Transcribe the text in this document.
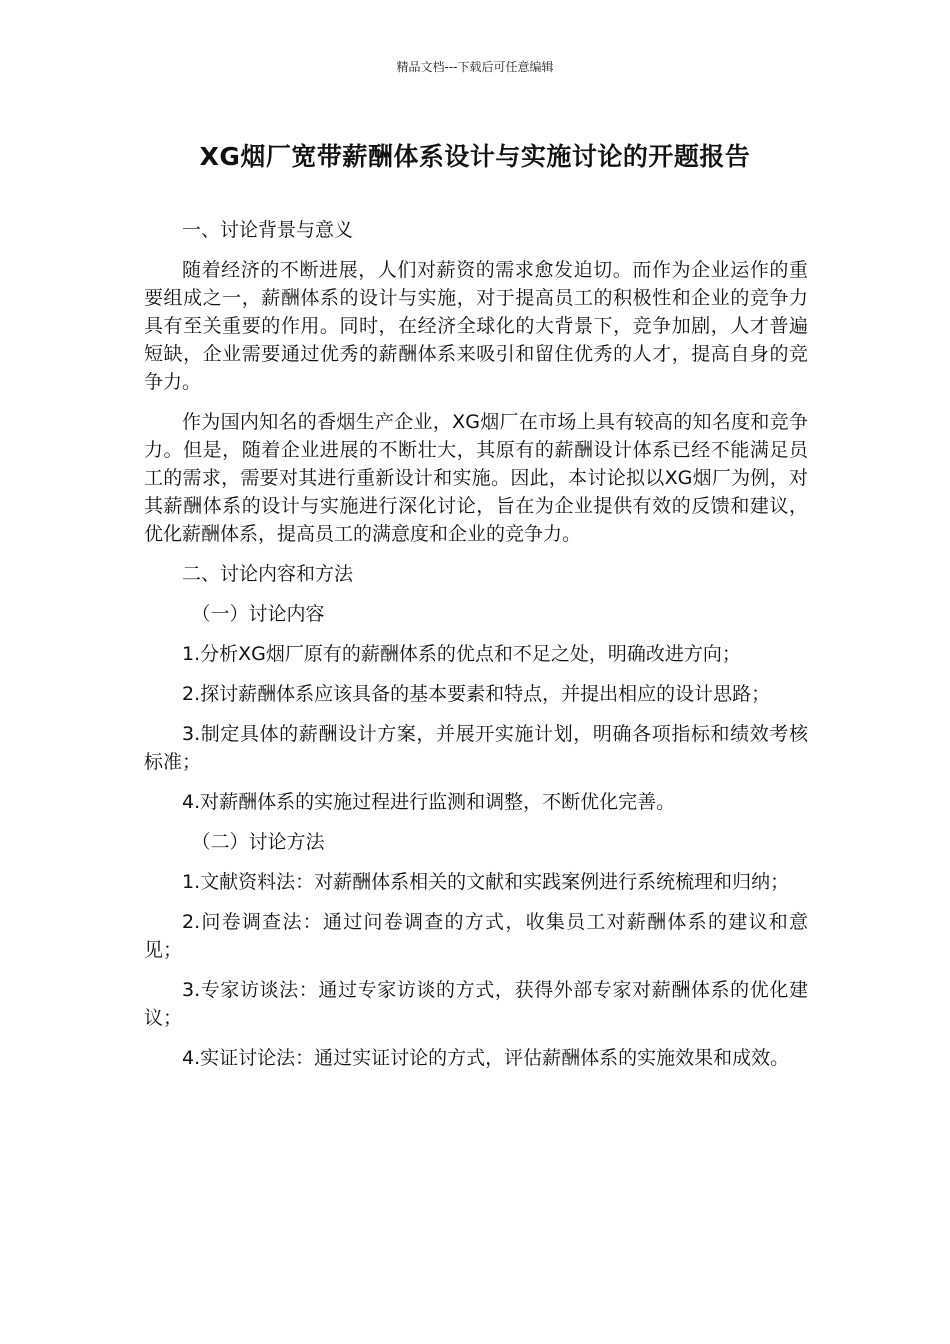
精品文档---下载后可任意编辑
XG烟厂宽带薪酬体系设计与实施讨论的开题报告

一、讨论背景与意义

随着经济的不断进展，人们对薪资的需求愈发迫切。而作为企业运作的重要组成之一，薪酬体系的设计与实施，对于提高员工的积极性和企业的竞争力具有至关重要的作用。同时，在经济全球化的大背景下，竞争加剧，人才普遍短缺，企业需要通过优秀的薪酬体系来吸引和留住优秀的人才，提高自身的竞争力。

作为国内知名的香烟生产企业，XG烟厂在市场上具有较高的知名度和竞争力。但是，随着企业进展的不断壮大，其原有的薪酬设计体系已经不能满足员工的需求，需要对其进行重新设计和实施。因此，本讨论拟以XG烟厂为例，对其薪酬体系的设计与实施进行深化讨论，旨在为企业提供有效的反馈和建议，优化薪酬体系，提高员工的满意度和企业的竞争力。

二、讨论内容和方法

（一）讨论内容

1.分析XG烟厂原有的薪酬体系的优点和不足之处，明确改进方向；

2.探讨薪酬体系应该具备的基本要素和特点，并提出相应的设计思路；

3.制定具体的薪酬设计方案，并展开实施计划，明确各项指标和绩效考核标准；

4.对薪酬体系的实施过程进行监测和调整，不断优化完善。

（二）讨论方法

1.文献资料法：对薪酬体系相关的文献和实践案例进行系统梳理和归纳；

2.问卷调查法：通过问卷调查的方式，收集员工对薪酬体系的建议和意见；

3.专家访谈法：通过专家访谈的方式，获得外部专家对薪酬体系的优化建议；

4.实证讨论法：通过实证讨论的方式，评估薪酬体系的实施效果和成效。
